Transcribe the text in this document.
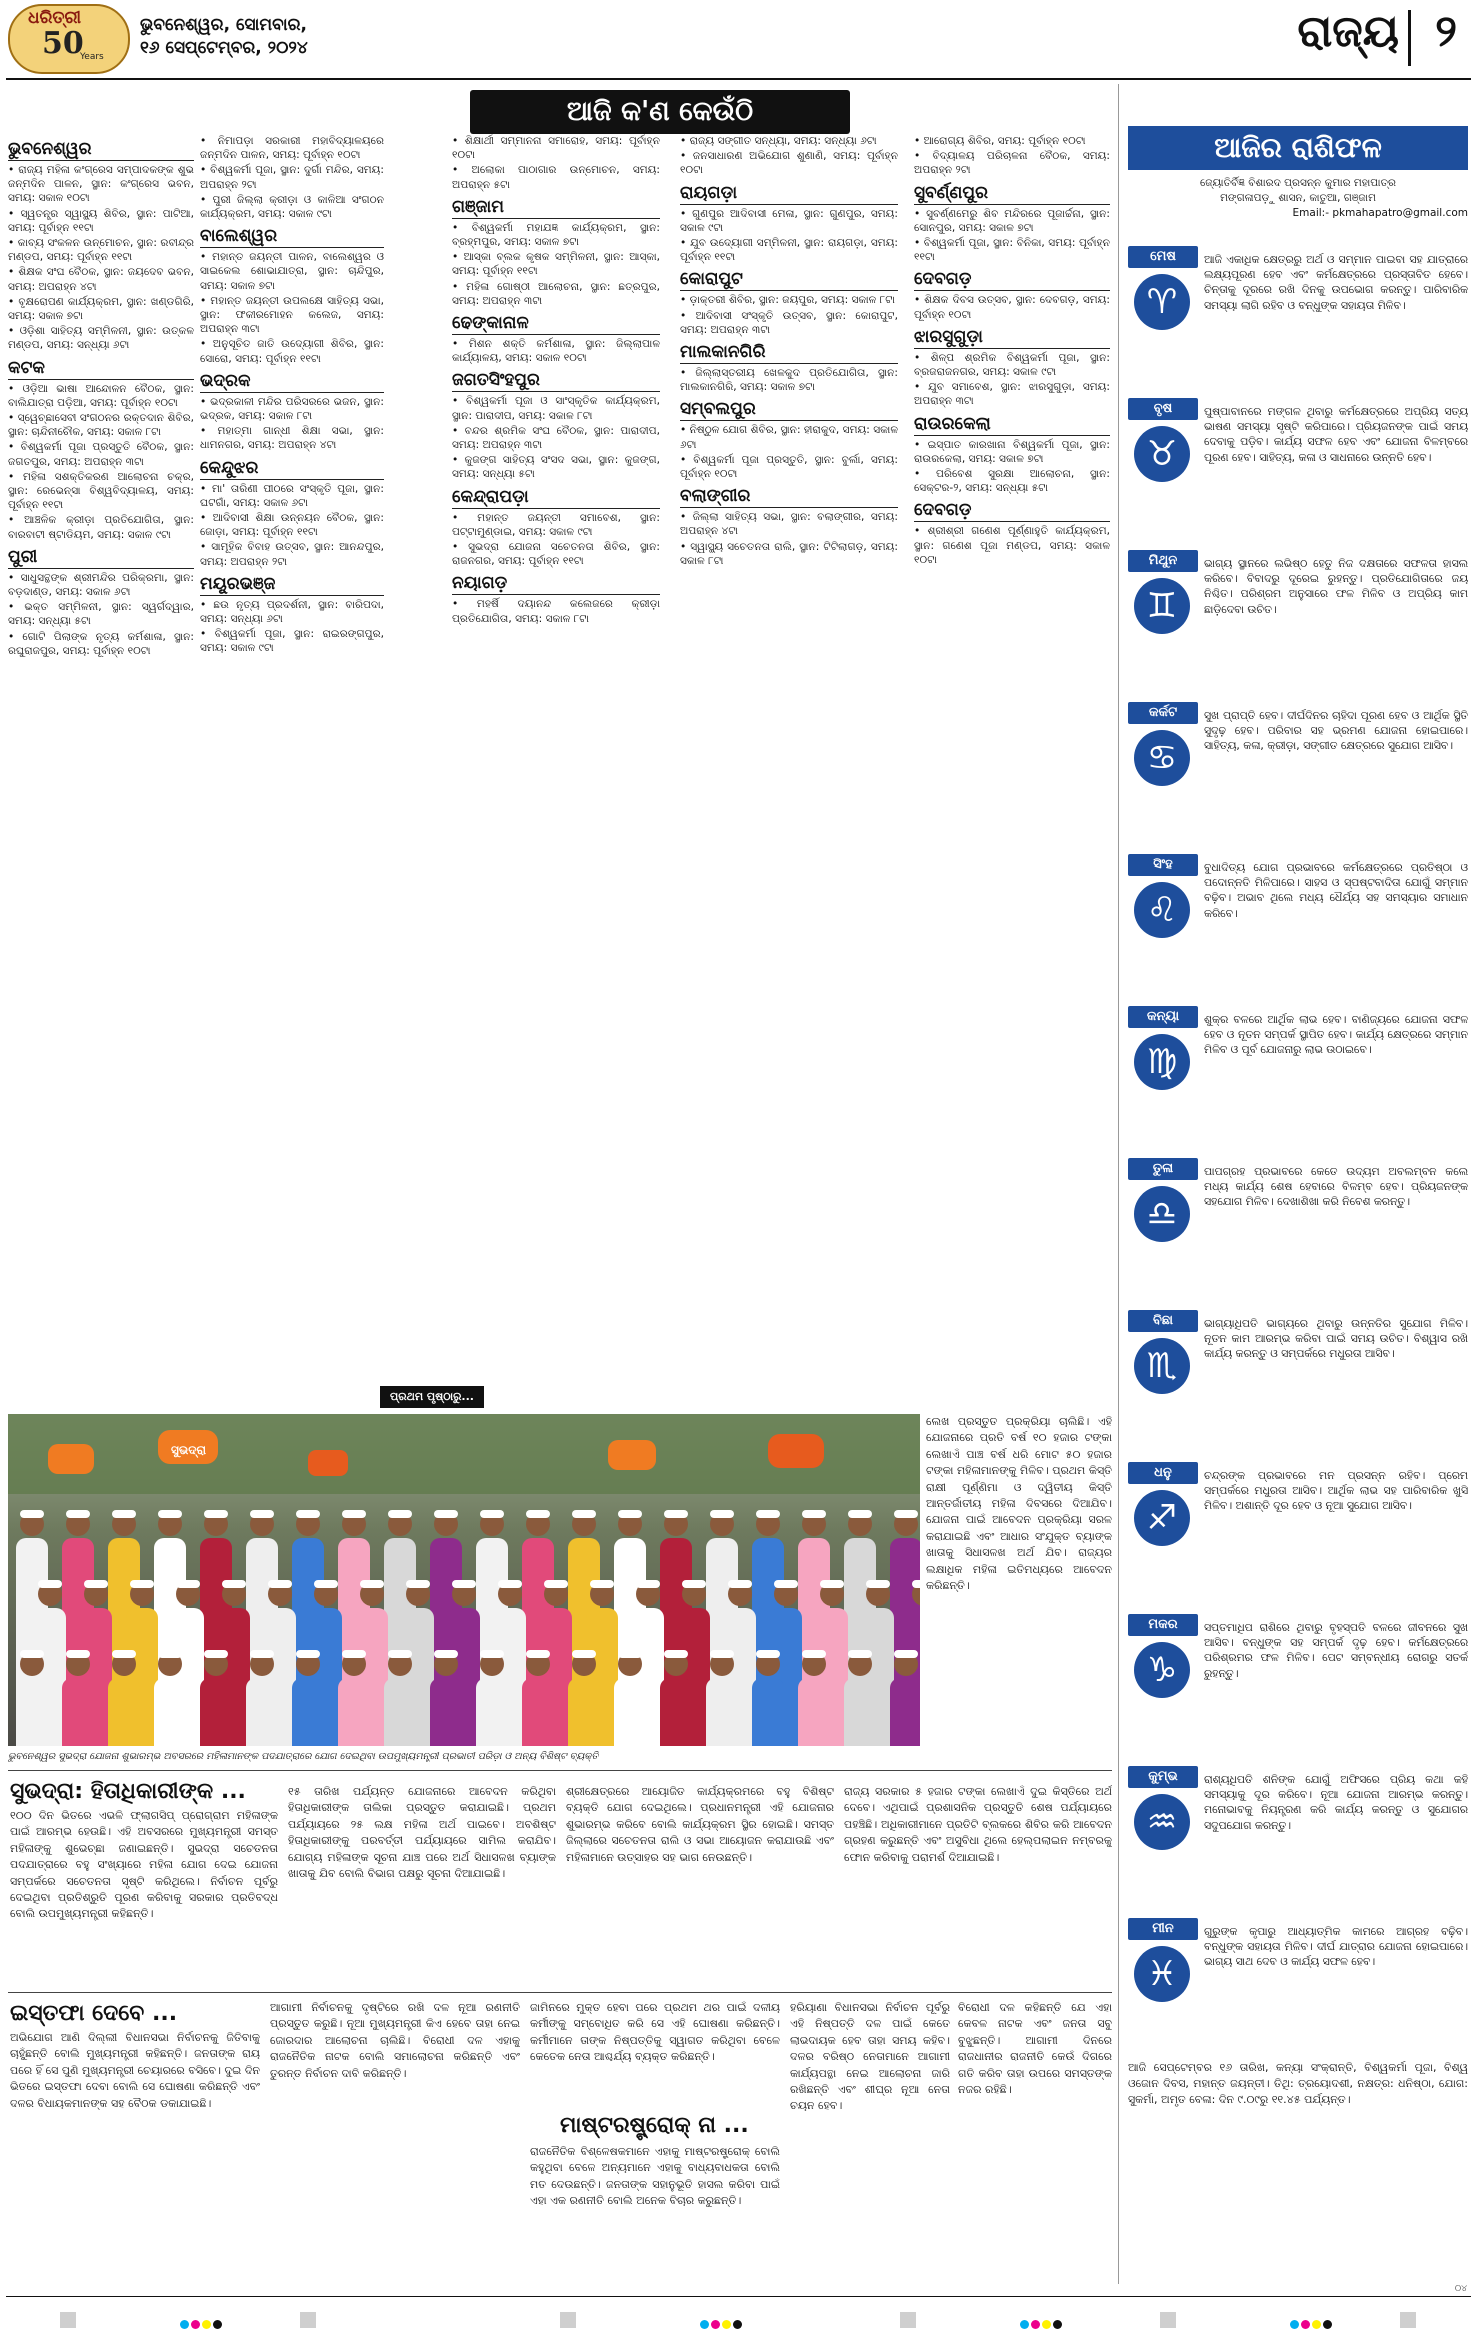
ଧରିତ୍ରୀ
50
Years
ଭୁବନେଶ୍ୱର, ସୋମବାର,
୧୬ ସେପ୍ଟେମ୍ବର, ୨୦୨୪	ରାଜ୍ୟ ୨
ଆଜି କ'ଣ କେଉଁଠି
ଭୁବନେଶ୍ୱର
• ରାଜ୍ୟ ମହିଳା କଂଗ୍ରେସ ସମ୍ପାଦକଙ୍କ ଶୁଭ ଜନ୍ମଦିନ ପାଳନ, ସ୍ଥାନ: କଂଗ୍ରେସ ଭବନ, ସମୟ: ସକାଳ ୧୦ଟା
• ସ୍ୱତନ୍ତ୍ର ସ୍ୱାସ୍ଥ୍ୟ ଶିବିର, ସ୍ଥାନ: ପାଟିଆ, ସମୟ: ପୂର୍ବାହ୍ନ ୧୧ଟା
• କାବ୍ୟ ସଂକଳନ ଉନ୍ମୋଚନ, ସ୍ଥାନ: ରବୀନ୍ଦ୍ର ମଣ୍ଡପ, ସମୟ: ପୂର୍ବାହ୍ନ ୧୧ଟା
• ଶିକ୍ଷକ ସଂଘ ବୈଠକ, ସ୍ଥାନ: ଜୟଦେବ ଭବନ, ସମୟ: ଅପରାହ୍ନ ୪ଟା
• ବୃକ୍ଷରୋପଣ କାର୍ଯ୍ୟକ୍ରମ, ସ୍ଥାନ: ଖଣ୍ଡଗିରି, ସମୟ: ସକାଳ ୭ଟା
• ଓଡ଼ିଶା ସାହିତ୍ୟ ସମ୍ମିଳନୀ, ସ୍ଥାନ: ଉତ୍କଳ ମଣ୍ଡପ, ସମୟ: ସନ୍ଧ୍ୟା ୬ଟା
କଟକ
• ଓଡ଼ିଆ ଭାଷା ଆନ୍ଦୋଳନ ବୈଠକ, ସ୍ଥାନ: ବାଲିଯାତ୍ରା ପଡ଼ିଆ, ସମୟ: ପୂର୍ବାହ୍ନ ୧୦ଟା
• ସ୍ୱେଚ୍ଛାସେବୀ ସଂଗଠନର ରକ୍ତଦାନ ଶିବିର, ସ୍ଥାନ: ଚାନ୍ଦିନୀଚୌକ, ସମୟ: ସକାଳ ୮ଟା
• ବିଶ୍ୱକର୍ମା ପୂଜା ପ୍ରସ୍ତୁତି ବୈଠକ, ସ୍ଥାନ: ଜଗତପୁର, ସମୟ: ଅପରାହ୍ନ ୩ଟା
• ମହିଳା ସଶକ୍ତିକରଣ ଆଲୋଚନା ଚକ୍ର, ସ୍ଥାନ: ରେଭେନ୍ସା ବିଶ୍ୱବିଦ୍ୟାଳୟ, ସମୟ: ପୂର୍ବାହ୍ନ ୧୧ଟା
• ଆଞ୍ଚଳିକ କ୍ରୀଡ଼ା ପ୍ରତିଯୋଗିତା, ସ୍ଥାନ: ବାରବାଟୀ ଷ୍ଟାଡିୟମ, ସମୟ: ସକାଳ ୯ଟା
ପୁରୀ
• ସାଧୁସନ୍ଥଙ୍କ ଶ୍ରୀମନ୍ଦିର ପରିକ୍ରମା, ସ୍ଥାନ: ବଡ଼ଦାଣ୍ଡ, ସମୟ: ସକାଳ ୬ଟା
• ଭକ୍ତ ସମ୍ମିଳନୀ, ସ୍ଥାନ: ସ୍ୱର୍ଗଦ୍ୱାର, ସମୟ: ସନ୍ଧ୍ୟା ୫ଟା
• ଗୋଟି ପିଲାଙ୍କ ନୃତ୍ୟ କର୍ମଶାଳା, ସ୍ଥାନ: ରଘୁରାଜପୁର, ସମୟ: ପୂର୍ବାହ୍ନ ୧୦ଟା
• ନିମାପଡ଼ା ସରକାରୀ ମହାବିଦ୍ୟାଳୟରେ ଜନ୍ମଦିନ ପାଳନ, ସମୟ: ପୂର୍ବାହ୍ନ ୧୦ଟା
• ବିଶ୍ୱକର୍ମା ପୂଜା, ସ୍ଥାନ: ଦୁର୍ଗା ମନ୍ଦିର, ସମୟ: ଅପରାହ୍ନ ୨ଟା
• ପୁରୀ ଜିଲ୍ଲା କ୍ରୀଡ଼ା ଓ କାଳିଆ ସଂଗଠନ କାର୍ଯ୍ୟକ୍ରମ, ସମୟ: ସକାଳ ୯ଟା
ବାଲେଶ୍ୱର
• ମହାନ୍ତ ଜୟନ୍ତୀ ପାଳନ, ବାଲେଶ୍ୱର ଓ ସାଇକେଲ ଶୋଭାଯାତ୍ରା, ସ୍ଥାନ: ଚାନ୍ଦିପୁର, ସମୟ: ସକାଳ ୭ଟା
• ମହାନ୍ତ ଜୟନ୍ତୀ ଉପଲକ୍ଷେ ସାହିତ୍ୟ ସଭା, ସ୍ଥାନ: ଫକୀରମୋହନ କଲେଜ, ସମୟ: ଅପରାହ୍ନ ୩ଟା
• ଅନୁସୂଚିତ ଜାତି ଉଦ୍ୟୋଗୀ ଶିବିର, ସ୍ଥାନ: ସୋରୋ, ସମୟ: ପୂର୍ବାହ୍ନ ୧୧ଟା
ଭଦ୍ରକ
• ଭଦ୍ରକାଳୀ ମନ୍ଦିର ପରିସରରେ ଭଜନ, ସ୍ଥାନ: ଭଦ୍ରକ, ସମୟ: ସକାଳ ୮ଟା
• ମହାତ୍ମା ଗାନ୍ଧୀ ଶିକ୍ଷା ସଭା, ସ୍ଥାନ: ଧାମନଗର, ସମୟ: ଅପରାହ୍ନ ୪ଟା
କେନ୍ଦୁଝର
• ମା' ତାରିଣୀ ପୀଠରେ ସଂସ୍କୃତି ପୂଜା, ସ୍ଥାନ: ଘଟଗାଁ, ସମୟ: ସକାଳ ୬ଟା
• ଆଦିବାସୀ ଶିକ୍ଷା ଉନ୍ନୟନ ବୈଠକ, ସ୍ଥାନ: ଜୋଡ଼ା, ସମୟ: ପୂର୍ବାହ୍ନ ୧୧ଟା
• ସାମୂହିକ ବିବାହ ଉତ୍ସବ, ସ୍ଥାନ: ଆନନ୍ଦପୁର, ସମୟ: ଅପରାହ୍ନ ୨ଟା
ମୟୂରଭଞ୍ଜ
• ଛଉ ନୃତ୍ୟ ପ୍ରଦର୍ଶନୀ, ସ୍ଥାନ: ବାରିପଦା, ସମୟ: ସନ୍ଧ୍ୟା ୬ଟା
• ବିଶ୍ୱକର୍ମା ପୂଜା, ସ୍ଥାନ: ରାଇରଙ୍ଗପୁର, ସମୟ: ସକାଳ ୯ଟା
• ଶିକ୍ଷାର୍ଥୀ ସମ୍ମାନନା ସମାରୋହ, ସମୟ: ପୂର୍ବାହ୍ନ ୧୦ଟା
• ଅଲୋକା ପାଠାଗାର ଉନ୍ମୋଚନ, ସମୟ: ଅପରାହ୍ନ ୫ଟା
ଗଞ୍ଜାମ
• ବିଶ୍ୱକର୍ମା ମହାଯଜ୍ଞ କାର୍ଯ୍ୟକ୍ରମ, ସ୍ଥାନ: ବ୍ରହ୍ମପୁର, ସମୟ: ସକାଳ ୭ଟା
• ଆସ୍କା ବ୍ଲକ କୃଷକ ସମ୍ମିଳନୀ, ସ୍ଥାନ: ଆସ୍କା, ସମୟ: ପୂର୍ବାହ୍ନ ୧୧ଟା
• ମହିଳା ଗୋଷ୍ଠୀ ଆଲୋଚନା, ସ୍ଥାନ: ଛତ୍ରପୁର, ସମୟ: ଅପରାହ୍ନ ୩ଟା
ଢେଙ୍କାନାଳ
• ମିଶନ ଶକ୍ତି କର୍ମଶାଳା, ସ୍ଥାନ: ଜିଲ୍ଲାପାଳ କାର୍ଯ୍ୟାଳୟ, ସମୟ: ସକାଳ ୧୦ଟା
ଜଗତସିଂହପୁର
• ବିଶ୍ୱକର୍ମା ପୂଜା ଓ ସାଂସ୍କୃତିକ କାର୍ଯ୍ୟକ୍ରମ, ସ୍ଥାନ: ପାରାଦୀପ, ସମୟ: ସକାଳ ୮ଟା
• ବନ୍ଦର ଶ୍ରମିକ ସଂଘ ବୈଠକ, ସ୍ଥାନ: ପାରାଦୀପ, ସମୟ: ଅପରାହ୍ନ ୩ଟା
• କୁଜଙ୍ଗ ସାହିତ୍ୟ ସଂସଦ ସଭା, ସ୍ଥାନ: କୁଜଙ୍ଗ, ସମୟ: ସନ୍ଧ୍ୟା ୫ଟା
କେନ୍ଦ୍ରାପଡ଼ା
• ମହାନ୍ତ ଜୟନ୍ତୀ ସମାବେଶ, ସ୍ଥାନ: ପଟ୍ଟାମୁଣ୍ଡାଇ, ସମୟ: ସକାଳ ୯ଟା
• ସୁଭଦ୍ରା ଯୋଜନା ସଚେତନତା ଶିବିର, ସ୍ଥାନ: ରାଜନଗର, ସମୟ: ପୂର୍ବାହ୍ନ ୧୧ଟା
ନୟାଗଡ଼
• ମହର୍ଷି ଦୟାନନ୍ଦ କଲେଜରେ କ୍ରୀଡ଼ା ପ୍ରତିଯୋଗିତା, ସମୟ: ସକାଳ ୮ଟା
• ରାଜ୍ୟ ସଙ୍ଗୀତ ସନ୍ଧ୍ୟା, ସମୟ: ସନ୍ଧ୍ୟା ୬ଟା
• ଜନସାଧାରଣ ଅଭିଯୋଗ ଶୁଣାଣି, ସମୟ: ପୂର୍ବାହ୍ନ ୧୦ଟା
ରାୟଗଡ଼ା
• ଗୁଣପୁର ଆଦିବାସୀ ମେଳା, ସ୍ଥାନ: ଗୁଣପୁର, ସମୟ: ସକାଳ ୯ଟା
• ଯୁବ ଉଦ୍ୟୋଗୀ ସମ୍ମିଳନୀ, ସ୍ଥାନ: ରାୟଗଡ଼ା, ସମୟ: ପୂର୍ବାହ୍ନ ୧୧ଟା
କୋରାପୁଟ
• ଡ଼ାକ୍ତରୀ ଶିବିର, ସ୍ଥାନ: ଜୟପୁର, ସମୟ: ସକାଳ ୮ଟା
• ଆଦିବାସୀ ସଂସ୍କୃତି ଉତ୍ସବ, ସ୍ଥାନ: କୋରାପୁଟ, ସମୟ: ଅପରାହ୍ନ ୩ଟା
ମାଲକାନଗିରି
• ଜିଲ୍ଲାସ୍ତରୀୟ ଖେଳକୁଦ ପ୍ରତିଯୋଗିତା, ସ୍ଥାନ: ମାଲକାନଗିରି, ସମୟ: ସକାଳ ୭ଟା
ସମ୍ବଲପୁର
• ନିଷ୍ଠୁଳ ଯୋଗ ଶିବିର, ସ୍ଥାନ: ହୀରାକୁଦ, ସମୟ: ସକାଳ ୬ଟା
• ବିଶ୍ୱକର୍ମା ପୂଜା ପ୍ରସ୍ତୁତି, ସ୍ଥାନ: ବୁର୍ଲା, ସମୟ: ପୂର୍ବାହ୍ନ ୧୦ଟା
ବଲାଙ୍ଗୀର
• ଜିଲ୍ଲା ସାହିତ୍ୟ ସଭା, ସ୍ଥାନ: ବଲାଙ୍ଗୀର, ସମୟ: ଅପରାହ୍ନ ୪ଟା
• ସ୍ୱାସ୍ଥ୍ୟ ସଚେତନତା ରାଲି, ସ୍ଥାନ: ଟିଟିଲାଗଡ଼, ସମୟ: ସକାଳ ୮ଟା
• ଆରୋଗ୍ୟ ଶିବିର, ସମୟ: ପୂର୍ବାହ୍ନ ୧୦ଟା
• ବିଦ୍ୟାଳୟ ପରିଚାଳନା ବୈଠକ, ସମୟ: ଅପରାହ୍ନ ୨ଟା
ସୁବର୍ଣ୍ଣପୁର
• ସୁବର୍ଣ୍ଣମେରୁ ଶିବ ମନ୍ଦିରରେ ପୂଜାର୍ଚ୍ଚନା, ସ୍ଥାନ: ସୋନପୁର, ସମୟ: ସକାଳ ୭ଟା
• ବିଶ୍ୱକର୍ମା ପୂଜା, ସ୍ଥାନ: ବିନିକା, ସମୟ: ପୂର୍ବାହ୍ନ ୧୧ଟା
ଦେବଗଡ଼
• ଶିକ୍ଷକ ଦିବସ ଉତ୍ସବ, ସ୍ଥାନ: ଦେବଗଡ଼, ସମୟ: ପୂର୍ବାହ୍ନ ୧୦ଟା
ଝାରସୁଗୁଡ଼ା
• ଶିଳ୍ପ ଶ୍ରମିକ ବିଶ୍ୱକର୍ମା ପୂଜା, ସ୍ଥାନ: ବ୍ରଜରାଜନଗର, ସମୟ: ସକାଳ ୯ଟା
• ଯୁବ ସମାବେଶ, ସ୍ଥାନ: ଝାରସୁଗୁଡ଼ା, ସମୟ: ଅପରାହ୍ନ ୩ଟା
ରାଉରକେଲା
• ଇସ୍ପାତ କାରଖାନା ବିଶ୍ୱକର୍ମା ପୂଜା, ସ୍ଥାନ: ରାଉରକେଲା, ସମୟ: ସକାଳ ୭ଟା
• ପରିବେଶ ସୁରକ୍ଷା ଆଲୋଚନା, ସ୍ଥାନ: ସେକ୍ଟର-୨, ସମୟ: ସନ୍ଧ୍ୟା ୫ଟା
ଦେବଗଡ଼
• ଶ୍ରୀଶ୍ରୀ ଗଣେଶ ପୂର୍ଣ୍ଣାହୁତି କାର୍ଯ୍ୟକ୍ରମ, ସ୍ଥାନ: ଗଣେଶ ପୂଜା ମଣ୍ଡପ, ସମୟ: ସକାଳ ୧୦ଟା
ଆଜିର ରାଶିଫଳ
ଜ୍ୟୋତିର୍ବିଜ୍ଞ ବିଶାରଦ ପ୍ରସନ୍ନ କୁମାର ମହାପାତ୍ର
ମଙ୍ଗଳାପଡ଼ୁ ଶାସନ, କାତୁଆ, ଗଞ୍ଜାମ
Email:- pkmahapatro@gmail.com
ମେଷ
♈
ଆଜି ଏକାଧିକ କ୍ଷେତ୍ରରୁ ଅର୍ଥ ଓ ସମ୍ମାନ ପାଇବା ସହ ଯାତ୍ରାରେ ଲକ୍ଷ୍ୟପୂରଣ ହେବ ଏବଂ କର୍ମକ୍ଷେତ୍ରରେ ପ୍ରସ୍ତାବିତ ହେବେ। ଚିନ୍ତାକୁ ଦୂରରେ ରଖି ଦିନକୁ ଉପଭୋଗ କରନ୍ତୁ। ପାରିବାରିକ ସମସ୍ୟା ଲାଗି ରହିବ ଓ ବନ୍ଧୁଙ୍କ ସହାୟତା ମିଳିବ।
ବୃଷ
♉
ପୁଷ୍ପାବାନରେ ମଙ୍ଗଳ ଥିବାରୁ କର୍ମକ୍ଷେତ୍ରରେ ଅପ୍ରିୟ ସତ୍ୟ ଭାଷଣ ସମସ୍ୟା ସୃଷ୍ଟି କରିପାରେ। ପ୍ରିୟଜନଙ୍କ ପାଇଁ ସମୟ ଦେବାକୁ ପଡ଼ିବ। କାର୍ଯ୍ୟ ସଫଳ ହେବ ଏବଂ ଯୋଜନା ବିଳମ୍ବରେ ପୂରଣ ହେବ। ସାହିତ୍ୟ, କଳା ଓ ସାଧନାରେ ଉନ୍ନତି ହେବ।
ମିଥୁନ
♊
ଭାଗ୍ୟ ସ୍ଥାନରେ ଲଭିଷ୍ଠ ହେତୁ ନିଜ ଦକ୍ଷତାରେ ସଫଳତା ହାସଲ କରିବେ। ବିବାଦରୁ ଦୂରେଇ ରୁହନ୍ତୁ। ପ୍ରତିଯୋଗିତାରେ ଜୟ ନିଶ୍ଚିତ। ପରିଶ୍ରମ ଅନୁସାରେ ଫଳ ମିଳିବ ଓ ଅପ୍ରିୟ କାମ ଛାଡ଼ିଦେବା ଉଚିତ।
କର୍କଟ
♋
ସୁଖ ପ୍ରାପ୍ତି ହେବ। ଦୀର୍ଘଦିନର ଚାହିଦା ପୂରଣ ହେବ ଓ ଆର୍ଥିକ ସ୍ଥିତି ସୁଦୃଢ଼ ହେବ। ପରିବାର ସହ ଭ୍ରମଣ ଯୋଜନା ହୋଇପାରେ। ସାହିତ୍ୟ, କଳା, କ୍ରୀଡ଼ା, ସଙ୍ଗୀତ କ୍ଷେତ୍ରରେ ସୁଯୋଗ ଆସିବ।
ସିଂହ
♌
ବୁଧାଦିତ୍ୟ ଯୋଗ ପ୍ରଭାବରେ କର୍ମକ୍ଷେତ୍ରରେ ପ୍ରତିଷ୍ଠା ଓ ପଦୋନ୍ନତି ମିଳିପାରେ। ସାହସ ଓ ସ୍ପଷ୍ଟବାଦିତା ଯୋଗୁଁ ସମ୍ମାନ ବଢ଼ିବ। ଅଭାବ ଥିଲେ ମଧ୍ୟ ଧୈର୍ଯ୍ୟ ସହ ସମସ୍ୟାର ସମାଧାନ କରିବେ।
କନ୍ୟା
♍
ଶୁକ୍ର ବଳରେ ଆର୍ଥିକ ଲାଭ ହେବ। ବାଣିଜ୍ୟରେ ଯୋଜନା ସଫଳ ହେବ ଓ ନୂତନ ସମ୍ପର୍କ ସ୍ଥାପିତ ହେବ। କାର୍ଯ୍ୟ କ୍ଷେତ୍ରରେ ସମ୍ମାନ ମିଳିବ ଓ ପୂର୍ବ ଯୋଜନାରୁ ଲାଭ ଉଠାଇବେ।
ତୁଳା
♎
ପାପଗ୍ରହ ପ୍ରଭାବରେ କେତେ ଉଦ୍ୟମ ଅବଲମ୍ବନ କଲେ ମଧ୍ୟ କାର୍ଯ୍ୟ ଶେଷ ହେବାରେ ବିଳମ୍ବ ହେବ। ପ୍ରିୟଜନଙ୍କ ସହଯୋଗ ମିଳିବ। ଦେଖାଶିଖା କରି ନିବେଶ କରନ୍ତୁ।
ବିଛା
♏
ଭାଗ୍ୟାଧିପତି ଭାଗ୍ୟରେ ଥିବାରୁ ଉନ୍ନତିର ସୁଯୋଗ ମିଳିବ। ନୂତନ କାମ ଆରମ୍ଭ କରିବା ପାଇଁ ସମୟ ଉଚିତ। ବିଶ୍ୱାସ ରଖି କାର୍ଯ୍ୟ କରନ୍ତୁ ଓ ସମ୍ପର୍କରେ ମଧୁରତା ଆସିବ।
ଧନୁ
♐
ଚନ୍ଦ୍ରଙ୍କ ପ୍ରଭାବରେ ମନ ପ୍ରସନ୍ନ ରହିବ। ପ୍ରେମ ସମ୍ପର୍କରେ ମଧୁରତା ଆସିବ। ଆର୍ଥିକ ଲାଭ ସହ ପାରିବାରିକ ଖୁସି ମିଳିବ। ଅଶାନ୍ତି ଦୂର ହେବ ଓ ନୂଆ ସୁଯୋଗ ଆସିବ।
ମକର
♑
ସପ୍ତମାଧିପ ରାଶିରେ ଥିବାରୁ ବୃହସ୍ପତି ବଳରେ ଜୀବନରେ ସୁଖ ଆସିବ। ବନ୍ଧୁଙ୍କ ସହ ସମ୍ପର୍କ ଦୃଢ଼ ହେବ। କର୍ମକ୍ଷେତ୍ରରେ ପରିଶ୍ରମର ଫଳ ମିଳିବ। ପେଟ ସମ୍ବନ୍ଧୀୟ ରୋଗରୁ ସତର୍କ ରୁହନ୍ତୁ।
କୁମ୍ଭ
♒
ରାଶ୍ୟଧିପତି ଶନିଙ୍କ ଯୋଗୁଁ ଅଫିସରେ ପ୍ରିୟ କଥା କହି ସମସ୍ୟାକୁ ଦୂର କରିବେ। ନୂଆ ଯୋଜନା ଆରମ୍ଭ କରନ୍ତୁ। ମନୋଭାବକୁ ନିୟନ୍ତ୍ରଣ କରି କାର୍ଯ୍ୟ କରନ୍ତୁ ଓ ସୁଯୋଗର ସଦୁପଯୋଗ କରନ୍ତୁ।
ମୀନ
♓
ଗୁରୁଙ୍କ କୃପାରୁ ଆଧ୍ୟାତ୍ମିକ କାମରେ ଆଗ୍ରହ ବଢ଼ିବ। ବନ୍ଧୁଙ୍କ ସହାୟତା ମିଳିବ। ଦୀର୍ଘ ଯାତ୍ରାର ଯୋଜନା ହୋଇପାରେ। ଭାଗ୍ୟ ସାଥ ଦେବ ଓ କାର୍ଯ୍ୟ ସଫଳ ହେବ।
ଆଜି ସେପ୍ଟେମ୍ବର ୧୬ ତାରିଖ, କନ୍ୟା ସଂକ୍ରାନ୍ତି, ବିଶ୍ୱକର୍ମା ପୂଜା, ବିଶ୍ୱ ଓଜୋନ ଦିବସ, ମହାନ୍ତ ଜୟନ୍ତୀ। ତିଥି: ତ୍ରୟୋଦଶୀ, ନକ୍ଷତ୍ର: ଧନିଷ୍ଠା, ଯୋଗ: ସୁକର୍ମା, ଅମୃତ ବେଳା: ଦିନ ୯.୦୯ରୁ ୧୧.୪୫ ପର୍ଯ୍ୟନ୍ତ।
ପ୍ରଥମ ପୃଷ୍ଠାରୁ...
ସୁଭଦ୍ରା
ଭୁବନେଶ୍ୱର ସୁଭଦ୍ରା ଯୋଜନା ଶୁଭାରମ୍ଭ ଅବସରରେ ମହିଳାମାନଙ୍କ ପଦଯାତ୍ରାରେ ଯୋଗ ଦେଇଥିବା ଉପମୁଖ୍ୟମନ୍ତ୍ରୀ ପ୍ରଭାତୀ ପରିଡ଼ା ଓ ଅନ୍ୟ ବିଶିଷ୍ଟ ବ୍ୟକ୍ତି
ଲେଖ ପ୍ରସ୍ତୁତ ପ୍ରକ୍ରିୟା ଚାଲିଛି। ଏହି ଯୋଜନାରେ ପ୍ରତି ବର୍ଷ ୧୦ ହଜାର ଟଙ୍କା ଲେଖାଏଁ ପାଞ୍ଚ ବର୍ଷ ଧରି ମୋଟ ୫୦ ହଜାର ଟଙ୍କା ମହିଳାମାନଙ୍କୁ ମିଳିବ। ପ୍ରଥମ କିସ୍ତି ରାକ୍ଷୀ ପୂର୍ଣ୍ଣିମା ଓ ଦ୍ୱିତୀୟ କିସ୍ତି ଆନ୍ତର୍ଜାତୀୟ ମହିଳା ଦିବସରେ ଦିଆଯିବ। ଯୋଜନା ପାଇଁ ଆବେଦନ ପ୍ରକ୍ରିୟା ସରଳ କରାଯାଇଛି ଏବଂ ଆଧାର ସଂଯୁକ୍ତ ବ୍ୟାଙ୍କ ଖାତାକୁ ସିଧାସଳଖ ଅର୍ଥ ଯିବ। ରାଜ୍ୟର ଲକ୍ଷାଧିକ ମହିଳା ଇତିମଧ୍ୟରେ ଆବେଦନ କରିଛନ୍ତି।
ସୁଭଦ୍ରା: ହିତାଧିକାରୀଙ୍କ ...
୧୦୦ ଦିନ ଭିତରେ ଏଭଳି ଫ୍ଲାଗସିପ୍ ପ୍ରୋଗ୍ରାମ ମହିଳାଙ୍କ ପାଇଁ ଆରମ୍ଭ ହେଉଛି। ଏହି ଅବସରରେ ମୁଖ୍ୟମନ୍ତ୍ରୀ ସମସ୍ତ ମହିଳାଙ୍କୁ ଶୁଭେଚ୍ଛା ଜଣାଇଛନ୍ତି। ସୁଭଦ୍ରା ସଚେତନତା ପଦଯାତ୍ରାରେ ବହୁ ସଂଖ୍ୟାରେ ମହିଳା ଯୋଗ ଦେଇ ଯୋଜନା ସମ୍ପର୍କରେ ସଚେତନତା ସୃଷ୍ଟି କରିଥିଲେ। ନିର୍ବାଚନ ପୂର୍ବରୁ ଦେଇଥିବା ପ୍ରତିଶ୍ରୁତି ପୂରଣ କରିବାକୁ ସରକାର ପ୍ରତିବଦ୍ଧ ବୋଲି ଉପମୁଖ୍ୟମନ୍ତ୍ରୀ କହିଛନ୍ତି।
୧୫ ତାରିଖ ପର୍ଯ୍ୟନ୍ତ ଯୋଜନାରେ ଆବେଦନ କରିଥିବା ହିତାଧିକାରୀଙ୍କ ତାଲିକା ପ୍ରସ୍ତୁତ କରାଯାଇଛି। ପ୍ରଥମ ପର୍ଯ୍ୟାୟରେ ୨୫ ଲକ୍ଷ ମହିଳା ଅର୍ଥ ପାଇବେ। ଅବଶିଷ୍ଟ ହିତାଧିକାରୀଙ୍କୁ ପରବର୍ତ୍ତୀ ପର୍ଯ୍ୟାୟରେ ସାମିଲ କରାଯିବ। ଯୋଗ୍ୟ ମହିଳାଙ୍କ ସୂଚନା ଯାଞ୍ଚ ପରେ ଅର୍ଥ ସିଧାସଳଖ ବ୍ୟାଙ୍କ ଖାତାକୁ ଯିବ ବୋଲି ବିଭାଗ ପକ୍ଷରୁ ସୂଚନା ଦିଆଯାଇଛି।
ଶ୍ରୀକ୍ଷେତ୍ରରେ ଆୟୋଜିତ କାର୍ଯ୍ୟକ୍ରମରେ ବହୁ ବିଶିଷ୍ଟ ବ୍ୟକ୍ତି ଯୋଗ ଦେଇଥିଲେ। ପ୍ରଧାନମନ୍ତ୍ରୀ ଏହି ଯୋଜନାର ଶୁଭାରମ୍ଭ କରିବେ ବୋଲି କାର୍ଯ୍ୟକ୍ରମ ସ୍ଥିର ହୋଇଛି। ସମସ୍ତ ଜିଲ୍ଲାରେ ସଚେତନତା ରାଲି ଓ ସଭା ଆୟୋଜନ କରାଯାଉଛି ଏବଂ ମହିଳାମାନେ ଉତ୍ସାହର ସହ ଭାଗ ନେଉଛନ୍ତି।
ରାଜ୍ୟ ସରକାର ୫ ହଜାର ଟଙ୍କା ଲେଖାଏଁ ଦୁଇ କିସ୍ତିରେ ଅର୍ଥ ଦେବେ। ଏଥିପାଇଁ ପ୍ରଶାସନିକ ପ୍ରସ୍ତୁତି ଶେଷ ପର୍ଯ୍ୟାୟରେ ପହଞ୍ଚିଛି। ଅଧିକାରୀମାନେ ପ୍ରତିଟି ବ୍ଲକରେ ଶିବିର କରି ଆବେଦନ ଗ୍ରହଣ କରୁଛନ୍ତି ଏବଂ ଅସୁବିଧା ଥିଲେ ହେଲ୍ପଲାଇନ ନମ୍ବରକୁ ଫୋନ କରିବାକୁ ପରାମର୍ଶ ଦିଆଯାଇଛି।
ଇସ୍ତଫା ଦେବେ ...
ଅଭିଯୋଗ ଆଣି ଦିଲ୍ଲୀ ବିଧାନସଭା ନିର୍ବାଚନକୁ ଜିତିବାକୁ ଚାହୁଁଛନ୍ତି ବୋଲି ମୁଖ୍ୟମନ୍ତ୍ରୀ କହିଛନ୍ତି। ଜନତାଙ୍କ ରାୟ ପରେ ହିଁ ସେ ପୁଣି ମୁଖ୍ୟମନ୍ତ୍ରୀ ଚେୟାରରେ ବସିବେ। ଦୁଇ ଦିନ ଭିତରେ ଇସ୍ତଫା ଦେବା ବୋଲି ସେ ଘୋଷଣା କରିଛନ୍ତି ଏବଂ ଦଳର ବିଧାୟକମାନଙ୍କ ସହ ବୈଠକ ଡକାଯାଇଛି।
ଆଗାମୀ ନିର୍ବାଚନକୁ ଦୃଷ୍ଟିରେ ରଖି ଦଳ ନୂଆ ରଣନୀତି ପ୍ରସ୍ତୁତ କରୁଛି। ନୂଆ ମୁଖ୍ୟମନ୍ତ୍ରୀ କିଏ ହେବେ ତାହା ନେଇ ଜୋରଦାର ଆଲୋଚନା ଚାଲିଛି। ବିରୋଧୀ ଦଳ ଏହାକୁ ରାଜନୈତିକ ନାଟକ ବୋଲି ସମାଲୋଚନା କରିଛନ୍ତି ଏବଂ ତୁରନ୍ତ ନିର୍ବାଚନ ଦାବି କରିଛନ୍ତି।
ଜାମିନରେ ମୁକ୍ତ ହେବା ପରେ ପ୍ରଥମ ଥର ପାଇଁ ଦଳୀୟ କର୍ମୀଙ୍କୁ ସମ୍ବୋଧିତ କରି ସେ ଏହି ଘୋଷଣା କରିଛନ୍ତି। କର୍ମୀମାନେ ତାଙ୍କ ନିଷ୍ପତ୍ତିକୁ ସ୍ୱାଗତ କରିଥିବା ବେଳେ କେତେକ ନେତା ଆଶ୍ଚର୍ଯ୍ୟ ବ୍ୟକ୍ତ କରିଛନ୍ତି।
ମାଷ୍ଟରଷ୍ଟ୍ରୋକ୍ ନା ...
ରାଜନୈତିକ ବିଶ୍ଳେଷକମାନେ ଏହାକୁ ମାଷ୍ଟରଷ୍ଟ୍ରୋକ୍ ବୋଲି କହୁଥିବା ବେଳେ ଅନ୍ୟମାନେ ଏହାକୁ ବାଧ୍ୟବାଧକତା ବୋଲି ମତ ଦେଉଛନ୍ତି। ଜନତାଙ୍କ ସହାନୁଭୂତି ହାସଲ କରିବା ପାଇଁ ଏହା ଏକ ରଣନୀତି ବୋଲି ଅନେକ ବିଚାର କରୁଛନ୍ତି।
ହରିୟାଣା ବିଧାନସଭା ନିର୍ବାଚନ ପୂର୍ବରୁ ଏହି ନିଷ୍ପତ୍ତି ଦଳ ପାଇଁ କେତେ ଲାଭଦାୟକ ହେବ ତାହା ସମୟ କହିବ। ଦଳର ବରିଷ୍ଠ ନେତାମାନେ ଆଗାମୀ କାର୍ଯ୍ୟପନ୍ଥା ନେଇ ଆଲୋଚନା ଜାରି ରଖିଛନ୍ତି ଏବଂ ଶୀଘ୍ର ନୂଆ ନେତା ଚୟନ ହେବ।
ବିରୋଧୀ ଦଳ କହିଛନ୍ତି ଯେ ଏହା କେବଳ ନାଟକ ଏବଂ ଜନତା ସବୁ ବୁଝୁଛନ୍ତି। ଆଗାମୀ ଦିନରେ ରାଜଧାନୀର ରାଜନୀତି କେଉଁ ଦିଗରେ ଗତି କରିବ ତାହା ଉପରେ ସମସ୍ତଙ୍କ ନଜର ରହିଛି।
୦୪
